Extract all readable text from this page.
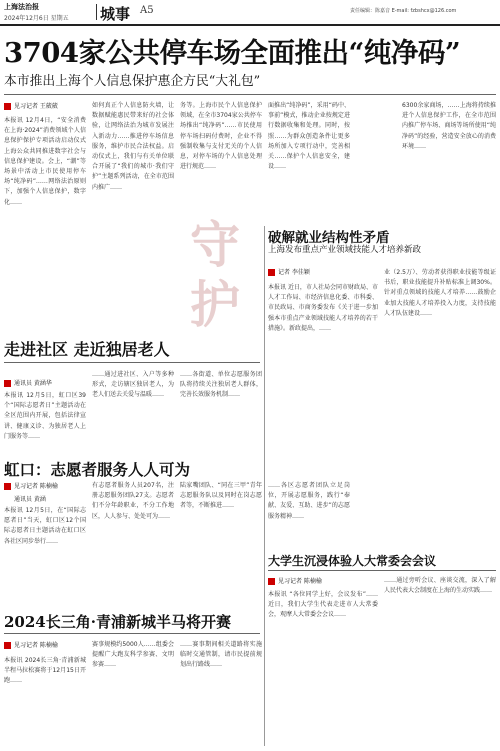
上海法治报
2024年12月6日 星期五 城事 A5	责任编辑：陈嘉音 E-mail: fzbshcx@126.com
3704家公共停车场全面推出“纯净码”
本市推出上海个人信息保护惠企方民“大礼包”
见习记者 王葳葳
本报讯 12月4日，“安全消费在上海·2024”消费领域个人信息保护保护专项活动启动仪式上海公众共同推进数字社会与信息保护建设。会上，“潮”等场景中活动上市民使用停车场“纯净码”……网络法治原则下，加强个人信息保护，数字化……
如何真正个人信息防火墙，让数据赋能惠民带来好的社会体验，让网络法治为城市发展注入新动力……推进停车场信息服务，维护市民合法权益。启动仪式上，我们与有关单位联合开展了“我们的城市·我们守护”主题系列活动，在全市范围内推广……
务等。上海市民个人信息保护领域，在全市3704家公共停车场推出“纯净码”……市民使用停车场扫码付费时，企业不得强制收集与支付无关的个人信息，对停车场的个人信息处理进行规范……
守护
面推出“纯净码”，采用“码中、事前”模式，推动企业按规定进行数据收集和处理。同时，按照……为群众创造条件让更多场所加入专项行动中，完善相关……保护个人信息安全，建设……
6300余家商场，……上海将持续推进个人信息保护工作，在全市范围内推广停车场、商场等场所使用“纯净码”的经验，营造安全放心的消费环境……
破解就业结构性矛盾
上海发布重点产业领域技能人才培养新政
记者 李佳颖
本报讯 近日，市人社局会同市财政局、市人才工作局、市经济信息化委、市科委、市民政局、市商务委发布《关于进一步加强本市重点产业领域技能人才培养的若干措施》。新政提出，……
业（2.5万）、劳动者获得职业技能等级证书后，职业技能提升补贴标准上调30%。针对重点领域的技能人才培养……鼓励企业加大技能人才培养投入力度，支持技能人才队伍建设……
走进社区 走近独居老人
通讯员 黄涵华
本报讯 12月5日，虹口区39个“国际志愿者日”主题活动在全区范围内开展，包括法律宣讲、健康义诊、为独居老人上门服务等……
……通过进社区、入户等多种形式，走访辖区独居老人，为老人们送去关爱与温暖……
……各街道、单位志愿服务团队将持续关注独居老人群体，完善长效服务机制……
虹口：志愿者服务人人可为
见习记者 陈楠榆
通讯员 黄涵
本报讯 12月5日，在“国际志愿者日”当天，虹口区12个国际志愿者日主题活动在虹口区各社区同步举行……
有志愿者服务人员207名，注册志愿服务团队27支。志愿者们不分年龄职业，不分工作地区，人人参与、处处可为……
陆家嘴团队、“同在三甲”青年志愿服务队以及同时在岗志愿者等，不断推进……
……各区志愿者团队立足岗位，开展志愿服务，践行“奉献、友爱、互助、进步”的志愿服务精神……
大学生沉浸体验人大常委会会议
见习记者 陈楠榆
本报讯 “各位同学上好，会议发布”……近日，我们大学生代表走进市人大常委会，观摩人大常委会会议……
……通过旁听会议、座谈交流，深入了解人民代表大会制度在上海的生动实践……
2024长三角·青浦新城半马将开赛
见习记者 陈楠榆
本报讯 2024长三角·青浦新城半程马拉松赛将于12月15日开跑……
赛事规模约5000人……组委会提醒广大跑友科学参赛、文明参赛……
……赛事期间相关道路将实施临时交通管制，请市民提前规划出行路线……
